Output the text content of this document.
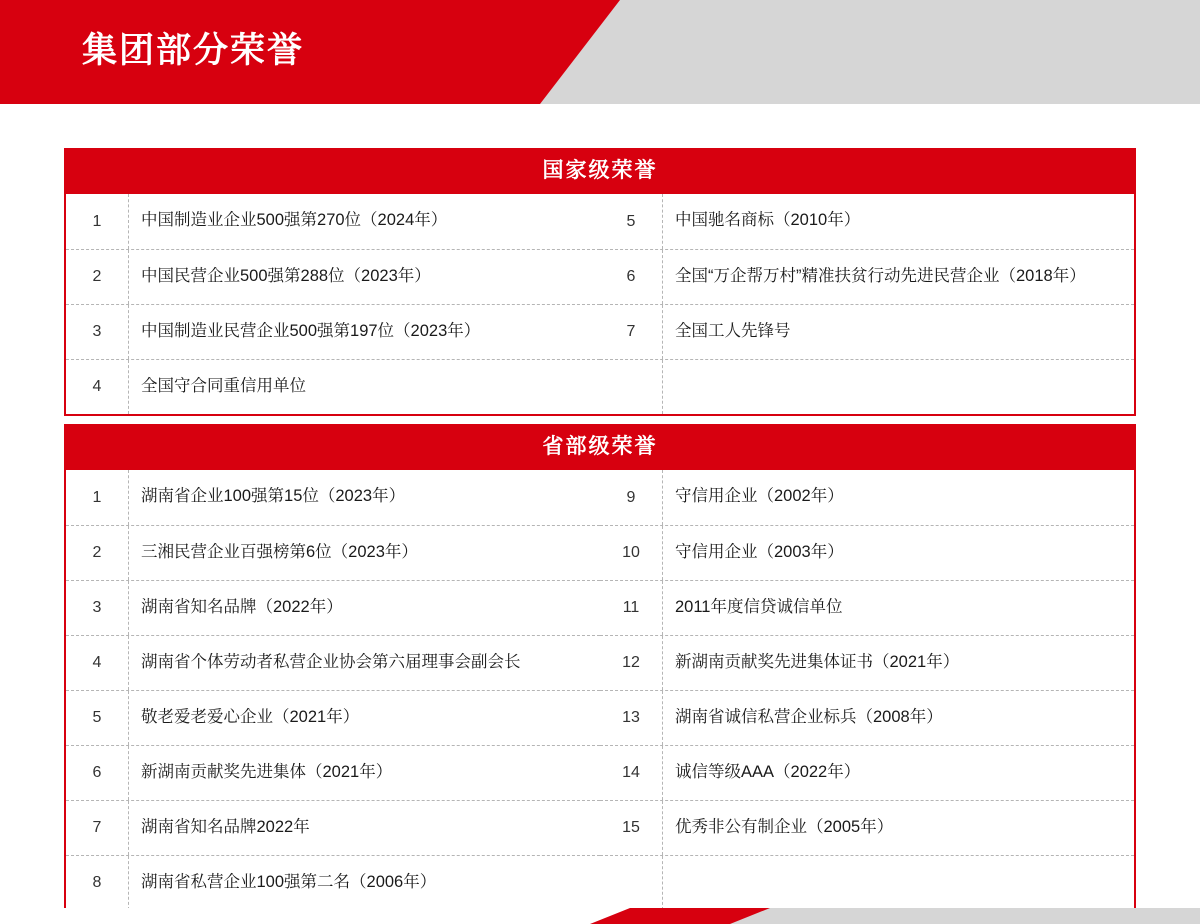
集团部分荣誉
国家级荣誉
1	中国制造业企业500强第270位（2024年）	5	中国驰名商标（2010年）
2	中国民营企业500强第288位（2023年）	6	全国“万企帮万村”精准扶贫行动先进民营企业（2018年）
3	中国制造业民营企业500强第197位（2023年）	7	全国工人先锋号
4	全国守合同重信用单位
省部级荣誉
1	湖南省企业100强第15位（2023年）	9	守信用企业（2002年）
2	三湘民营企业百强榜第6位（2023年）	10	守信用企业（2003年）
3	湖南省知名品牌（2022年）	11	2011年度信贷诚信单位
4	湖南省个体劳动者私营企业协会第六届理事会副会长	12	新湖南贡献奖先进集体证书（2021年）
5	敬老爱老爱心企业（2021年）	13	湖南省诚信私营企业标兵（2008年）
6	新湖南贡献奖先进集体（2021年）	14	诚信等级AAA（2022年）
7	湖南省知名品牌2022年	15	优秀非公有制企业（2005年）
8	湖南省私营企业100强第二名（2006年）
